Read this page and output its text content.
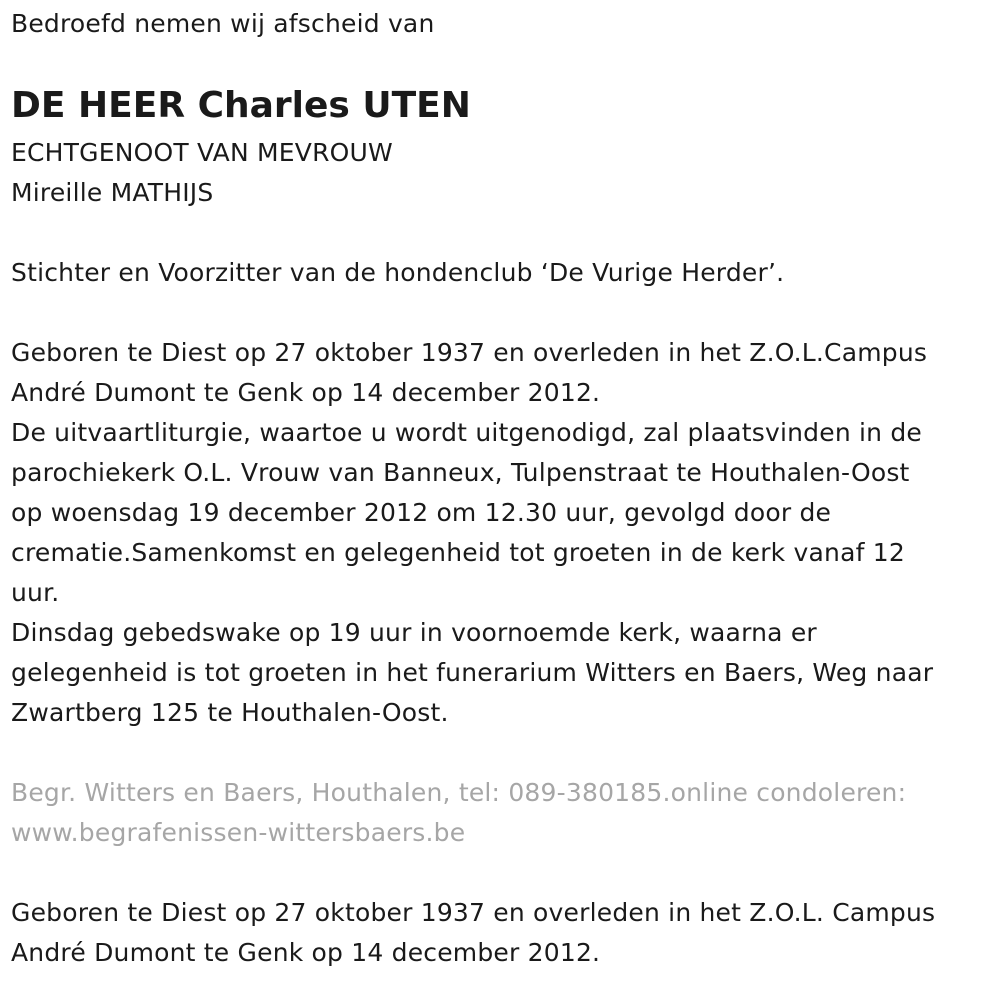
Bedroefd nemen wij afscheid van
DE HEER Charles UTEN
ECHTGENOOT VAN MEVROUW
Mireille MATHIJS
Stichter en Voorzitter van de hondenclub ‘De Vurige Herder’.
Geboren te Diest op 27 oktober 1937 en overleden in het Z.O.L.Campus
André Dumont te Genk op 14 december 2012.
De uitvaartliturgie, waartoe u wordt uitgenodigd, zal plaatsvinden in de
parochiekerk O.L. Vrouw van Banneux, Tulpenstraat te Houthalen-Oost
op woensdag 19 december 2012 om 12.30 uur, gevolgd door de
crematie.Samenkomst en gelegenheid tot groeten in de kerk vanaf 12
uur.
Dinsdag gebedswake op 19 uur in voornoemde kerk, waarna er
gelegenheid is tot groeten in het funerarium Witters en Baers, Weg naar
Zwartberg 125 te Houthalen-Oost.
Begr. Witters en Baers, Houthalen, tel: 089-380185.online condoleren:
www.begrafenissen-wittersbaers.be
Geboren te Diest op 27 oktober 1937 en overleden in het Z.O.L. Campus
André Dumont te Genk op 14 december 2012.
